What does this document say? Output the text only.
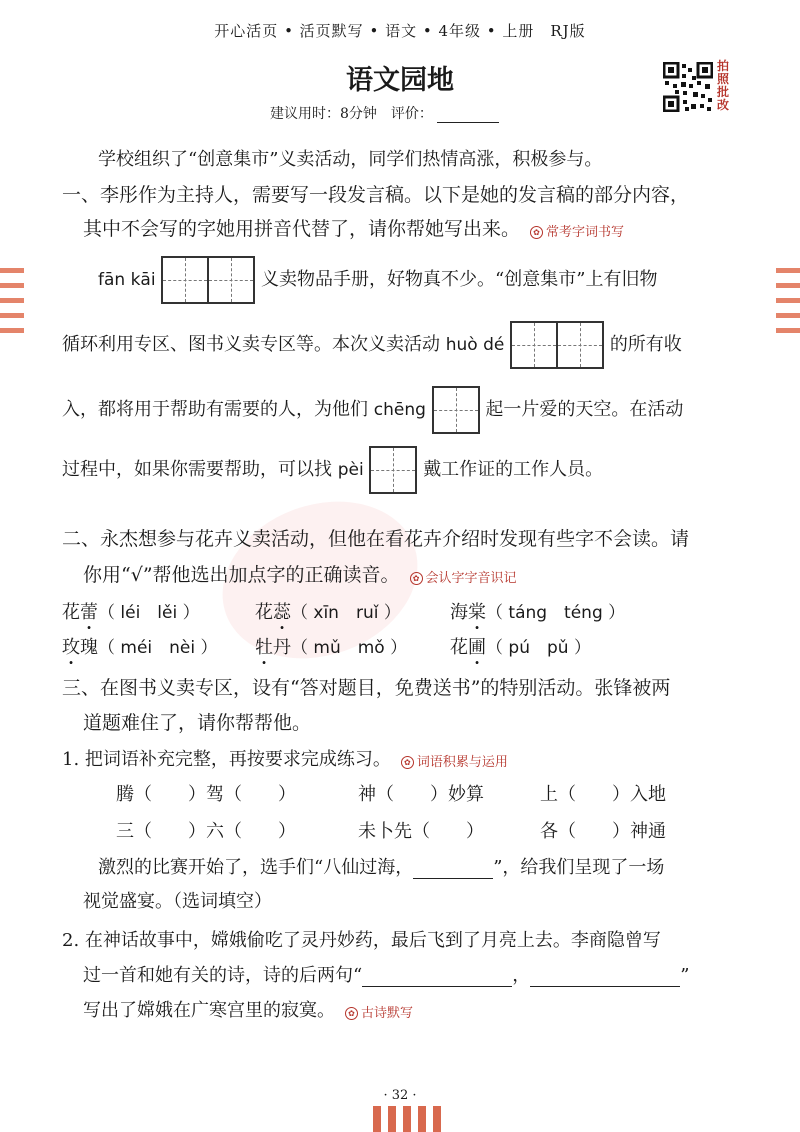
开心活页 • 活页默写 • 语文 • 4年级 • 上册　RJ版
语文园地
建议用时：8分钟　评价：
拍照批改
学校组织了“创意集市”义卖活动，同学们热情高涨，积极参与。
一、李彤作为主持人，需要写一段发言稿。以下是她的发言稿的部分内容，
其中不会写的字她用拼音代替了，请你帮她写出来。 ✿ 常考字词书写
fān kāi	义卖物品手册，好物真不少。“创意集市”上有旧物
循环利用专区、图书义卖专区等。本次义卖活动 huò dé	的所有收
入，都将用于帮助有需要的人，为他们 chēng	起一片爱的天空。在活动
过程中，如果你需要帮助，可以找 pèi	戴工作证的工作人员。
二、永杰想参与花卉义卖活动，但他在看花卉介绍时发现有些字不会读。请
你用“√”帮他选出加点字的正确读音。 ✿ 会认字字音识记
花蕾（ léi　lěi ）	花蕊（ xīn　ruǐ ）	海棠（ táng　téng ）
玫瑰（ méi　nèi ） 牡丹（ mǔ　mǒ ） 花圃（ pú　pǔ ）
三、在图书义卖专区，设有“答对题目，免费送书”的特别活动。张锋被两
道题难住了，请你帮帮他。
1. 把词语补充完整，再按要求完成练习。 ✿ 词语积累与运用
腾（　　）驾（　　）	神（　　）妙算	上（　　）入地
三（　　）六（　　）	未卜先（　　）	各（　　）神通
激烈的比赛开始了，选手们“八仙过海，	”，给我们呈现了一场
视觉盛宴。（选词填空）
2. 在神话故事中，嫦娥偷吃了灵丹妙药，最后飞到了月亮上去。李商隐曾写
过一首和她有关的诗，诗的后两句“	，	”
写出了嫦娥在广寒宫里的寂寞。 ✿ 古诗默写
· 32 ·
